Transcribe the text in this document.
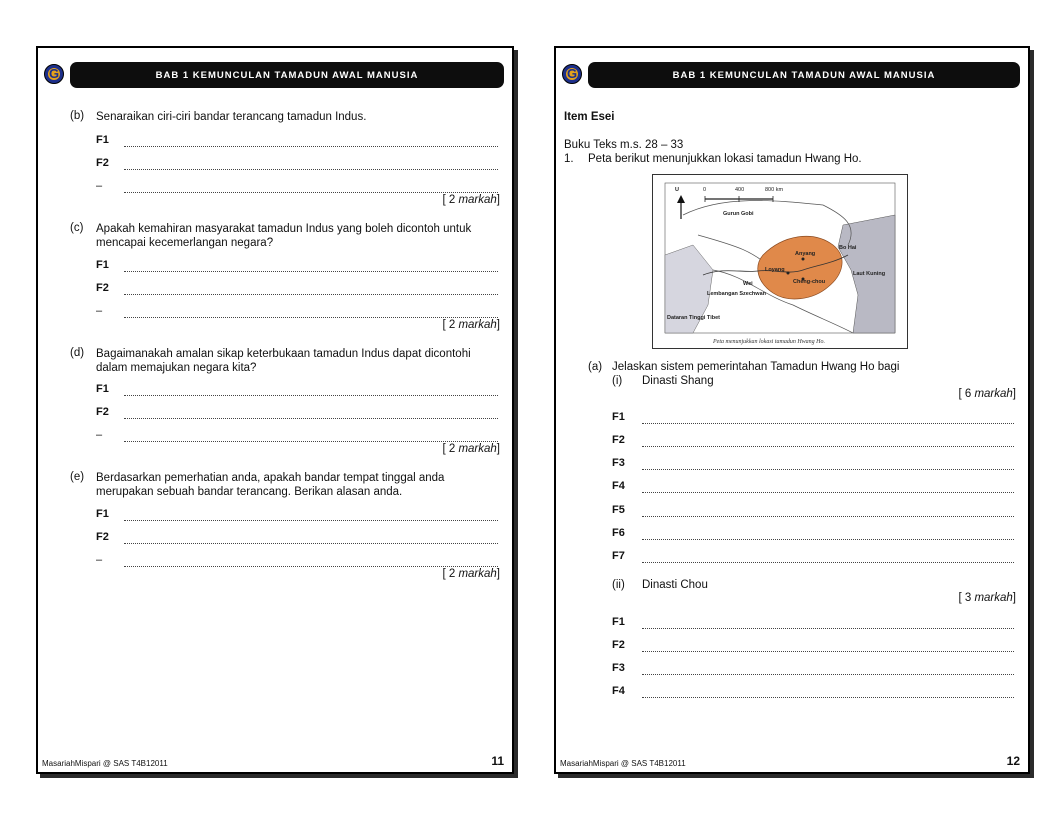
G
BAB 1 KEMUNCULAN TAMADUN AWAL MANUSIA
(b) Senaraikan ciri-ciri bandar terancang tamadun Indus.
F1
F2
–
[ 2 markah]
(c) Apakah kemahiran masyarakat tamadun Indus yang boleh dicontoh untuk
mencapai kecemerlangan negara?
F1
F2
–
[ 2 markah]
(d) Bagaimanakah amalan sikap keterbukaan tamadun Indus dapat dicontohi
dalam memajukan negara kita?
F1
F2
–
[ 2 markah]
(e) Berdasarkan pemerhatian anda, apakah bandar tempat tinggal anda
merupakan sebuah bandar terancang. Berikan alasan anda.
F1
F2
–
[ 2 markah]
MasariahMispari @ SAS T4B12011	11
G
BAB 1 KEMUNCULAN TAMADUN AWAL MANUSIA
Item Esei
Buku Teks m.s. 28 – 33
1. Peta berikut menunjukkan lokasi tamadun Hwang Ho.
U	0	400	800 km
Gurun Gobi
Bo Hai
Laut Kuning
Lembangan Szechwan
Anyang
Loyang
Cheng-chou
Wei
Dataran Tinggi Tibet
Peta menunjukkan lokasi tamadun Hwang Ho.
(a) Jelaskan sistem pemerintahan Tamadun Hwang Ho bagi
(i) Dinasti Shang
[ 6 markah]
F1
F2
F3
F4
F5
F6
F7
(ii) Dinasti Chou
[ 3 markah]
F1
F2
F3
F4
MasariahMispari @ SAS T4B12011	12
